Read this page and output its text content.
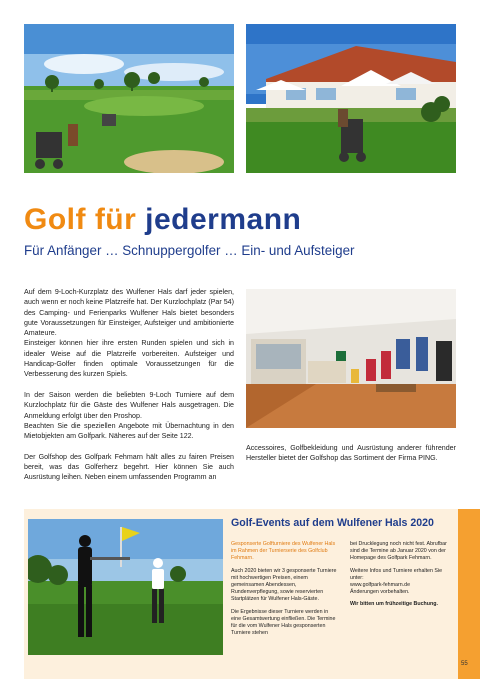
Golf für jedermann
Für Anfänger … Schnuppergolfer … Ein- und Aufsteiger

Auf dem 9-Loch-Kurzplatz des Wulfener Hals darf jeder spielen, auch wenn er noch keine Platzreife hat. Der Kurzlochplatz (Par 54) des Camping- und Ferienparks Wulfener Hals bietet besonders gute Voraussetzungen für Einsteiger, Aufsteiger und ambitionierte Amateure.
Einsteiger können hier ihre ersten Runden spielen und sich in idealer Weise auf die Platzreife vorbereiten. Aufsteiger und Handicap-Golfer finden optimale Voraussetzungen für die Verbesserung des kurzen Spiels.

In der Saison werden die beliebten 9-Loch Turniere auf dem Kurzlochplatz für die Gäste des Wulfener Hals ausgetragen. Die Anmeldung erfolgt über den Proshop.
Beachten Sie die speziellen Angebote mit Übernachtung in den Mietobjekten am Golfpark. Näheres auf der Seite 122.

Der Golfshop des Golfpark Fehmarn hält alles zu fairen Preisen bereit, was das Golferherz begehrt. Hier können Sie auch Ausrüstung leihen. Neben einem umfassenden Programm an

Accessoires, Golfbekleidung und Ausrüstung anderer führender Hersteller bietet der Golfshop das Sortiment der Firma PING.
Golf-Events auf dem Wulfener Hals 2020

Gesponserte Golfturniere des Wulfener Hals im Rahmen der Turnierserie des Golfclub Fehmarn.

Auch 2020 bieten wir 3 gesponserte Turniere mit hochwertigen Preisen, einem gemeinsamen Abendessen, Rundenverpflegung, sowie reservierten Startplätzen für Wulfener Hals-Gäste.

Die Ergebnisse dieser Turniere werden in eine Gesamtwertung einfließen. Die Termine für die vom Wulfener Hals gesponserten Turniere stehen

bei Drucklegung noch nicht fest. Abrufbar sind die Termine ab Januar 2020 von der Homepage des Golfpark Fehmarn.

Weitere Infos und Turniere erhalten Sie unter:

www.golfpark-fehmarn.de

Änderungen vorbehalten.

Wir bitten um frühzeitige Buchung.

55
